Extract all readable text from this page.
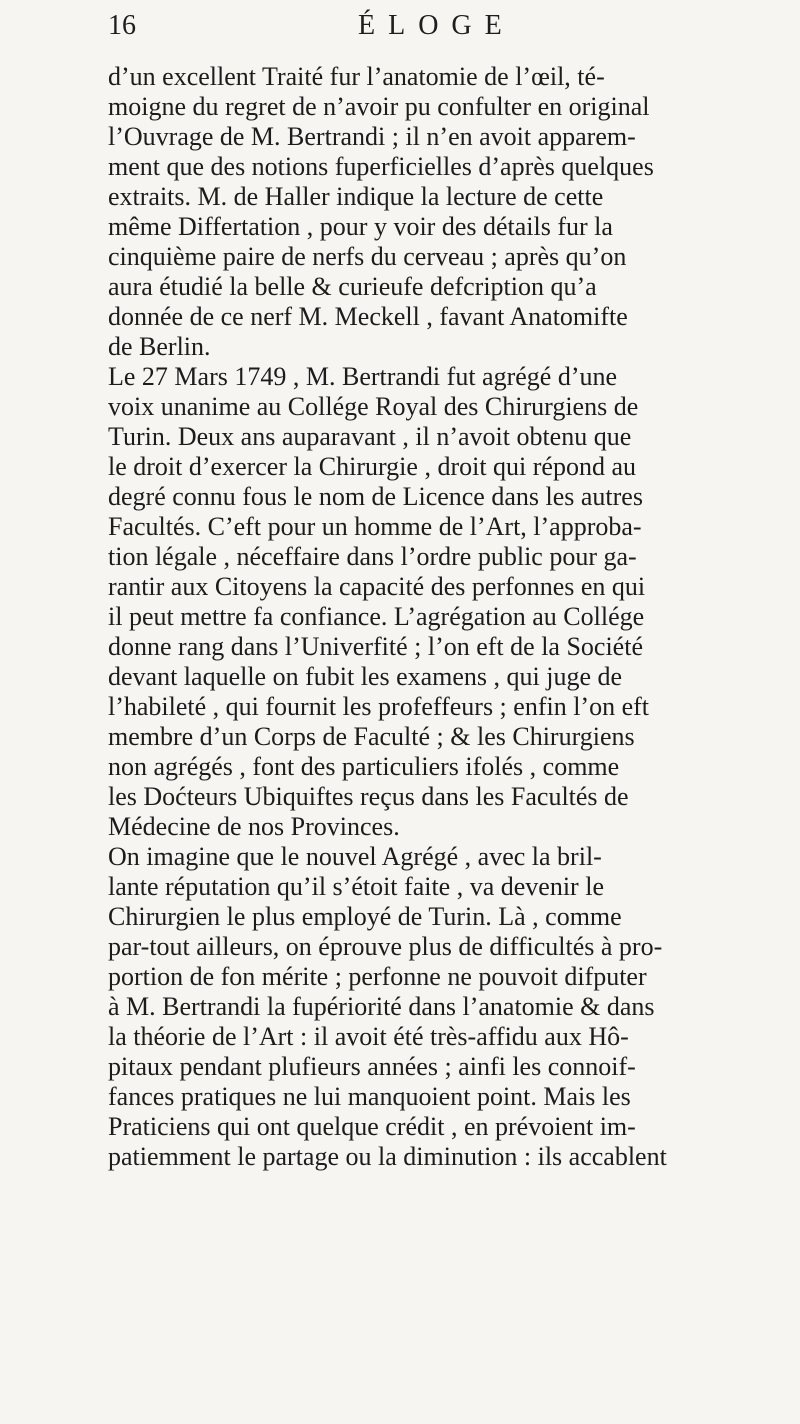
16	ÉLOGE
d’un excellent Traité fur l’anatomie de l’œil, té-
moigne du regret de n’avoir pu confulter en original
l’Ouvrage de M. Bertrandi ; il n’en avoit apparem-
ment que des notions fuperficielles d’après quelques
extraits. M. de Haller indique la lecture de cette
même Differtation , pour y voir des détails fur la
cinquième paire de nerfs du cerveau ; après qu’on
aura étudié la belle & curieufe defcription qu’a
donnée de ce nerf M. Meckell , favant Anatomifte
de Berlin.
Le 27 Mars 1749 , M. Bertrandi fut agrégé d’une
voix unanime au Collége Royal des Chirurgiens de
Turin. Deux ans auparavant , il n’avoit obtenu que
le droit d’exercer la Chirurgie , droit qui répond au
degré connu fous le nom de Licence dans les autres
Facultés. C’eft pour un homme de l’Art, l’approba-
tion légale , néceffaire dans l’ordre public pour ga-
rantir aux Citoyens la capacité des perfonnes en qui
il peut mettre fa confiance. L’agrégation au Collége
donne rang dans l’Univerfité ; l’on eft de la Société
devant laquelle on fubit les examens , qui juge de
l’habileté , qui fournit les profeffeurs ; enfin l’on eft
membre d’un Corps de Faculté ; & les Chirurgiens
non agrégés , font des particuliers ifolés , comme
les Doćteurs Ubiquiftes reçus dans les Facultés de
Médecine de nos Provinces.
On imagine que le nouvel Agrégé , avec la bril-
lante réputation qu’il s’étoit faite , va devenir le
Chirurgien le plus employé de Turin. Là , comme
par-tout ailleurs, on éprouve plus de difficultés à pro-
portion de fon mérite ; perfonne ne pouvoit difputer
à M. Bertrandi la fupériorité dans l’anatomie & dans
la théorie de l’Art : il avoit été très-affidu aux Hô-
pitaux pendant plufieurs années ; ainfi les connoif-
fances pratiques ne lui manquoient point. Mais les
Praticiens qui ont quelque crédit , en prévoient im-
patiemment le partage ou la diminution : ils accablent
